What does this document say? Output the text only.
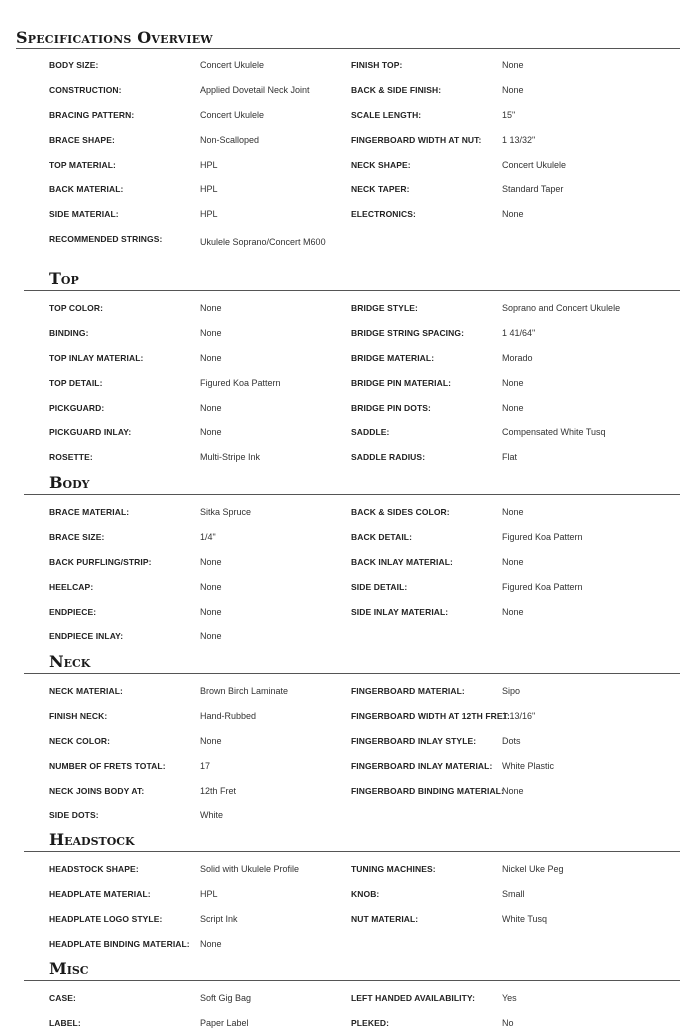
Specifications Overview
BODY SIZE:	Concert Ukulele	FINISH TOP:	None
CONSTRUCTION:	Applied Dovetail Neck Joint	BACK & SIDE FINISH:	None
BRACING PATTERN:	Concert Ukulele	SCALE LENGTH:	15"
BRACE SHAPE:	Non-Scalloped	FINGERBOARD WIDTH AT NUT: 1 13/32"
TOP MATERIAL:	HPL	NECK SHAPE:	Concert Ukulele
BACK MATERIAL:	HPL	NECK TAPER:	Standard Taper
SIDE MATERIAL:	HPL	ELECTRONICS:	None
RECOMMENDED STRINGS:	Ukulele Soprano/Concert M600
Top
TOP COLOR:	None	BRIDGE STYLE:	Soprano and Concert Ukulele
BINDING:	None	BRIDGE STRING SPACING:	1 41/64"
TOP INLAY MATERIAL:	None	BRIDGE MATERIAL:	Morado
TOP DETAIL:	Figured Koa Pattern	BRIDGE PIN MATERIAL:	None
PICKGUARD:	None	BRIDGE PIN DOTS:	None
PICKGUARD INLAY:	None	SADDLE:	Compensated White Tusq
ROSETTE:	Multi-Stripe Ink	SADDLE RADIUS:	Flat
Body
BRACE MATERIAL:	Sitka Spruce	BACK & SIDES COLOR:	None
BRACE SIZE:	1/4"	BACK DETAIL:	Figured Koa Pattern
BACK PURFLING/STRIP:	None	BACK INLAY MATERIAL:	None
HEELCAP:	None	SIDE DETAIL:	Figured Koa Pattern
ENDPIECE:	None	SIDE INLAY MATERIAL:	None
ENDPIECE INLAY:	None
Neck
NECK MATERIAL:	Brown Birch Laminate	FINGERBOARD MATERIAL:	Sipo
FINISH NECK:	Hand-Rubbed	FINGERBOARD WIDTH AT 12TH FRET:
1 13/16"
NECK COLOR:	None	FINGERBOARD INLAY STYLE:	Dots
NUMBER OF FRETS TOTAL:	17	FINGERBOARD INLAY MATERIAL: White Plastic
NECK JOINS BODY AT:	12th Fret	FINGERBOARD BINDING MATERIAL:
None
SIDE DOTS:	White
Headstock
HEADSTOCK SHAPE:	Solid with Ukulele Profile	TUNING MACHINES:	Nickel Uke Peg
HEADPLATE MATERIAL:	HPL	KNOB:	Small
HEADPLATE LOGO STYLE:	Script Ink	NUT MATERIAL:	White Tusq
HEADPLATE BINDING MATERIAL: None
Misc
CASE:	Soft Gig Bag	LEFT HANDED AVAILABILITY:	Yes
LABEL:	Paper Label	PLEKED:	No
